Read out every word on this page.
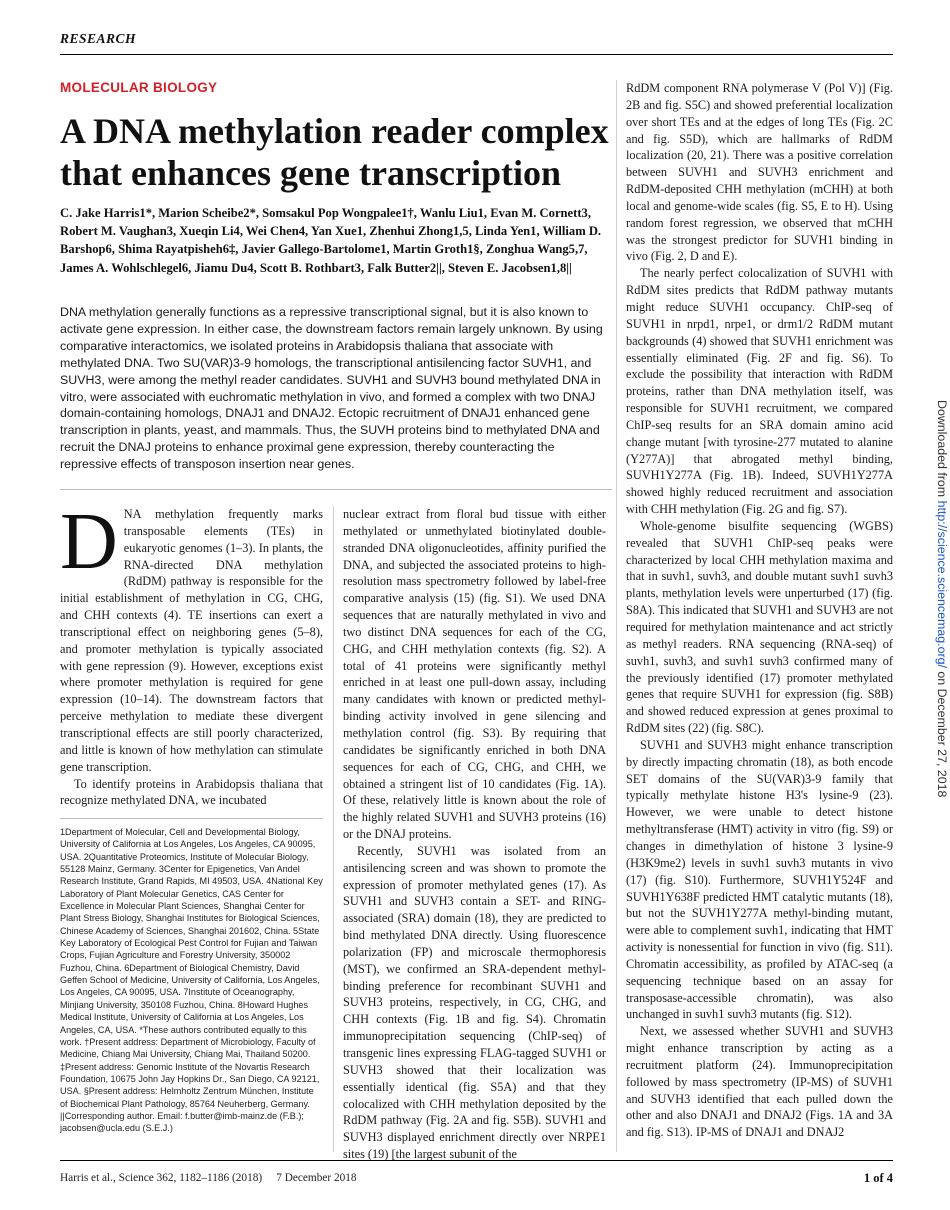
RESEARCH
MOLECULAR BIOLOGY
A DNA methylation reader complex that enhances gene transcription
C. Jake Harris1*, Marion Scheibe2*, Somsakul Pop Wongpalee1†, Wanlu Liu1, Evan M. Cornett3, Robert M. Vaughan3, Xueqin Li4, Wei Chen4, Yan Xue1, Zhenhui Zhong1,5, Linda Yen1, William D. Barshop6, Shima Rayatpisheh6‡, Javier Gallego-Bartolome1, Martin Groth1§, Zonghua Wang5,7, James A. Wohlschlegel6, Jiamu Du4, Scott B. Rothbart3, Falk Butter2||, Steven E. Jacobsen1,8||
DNA methylation generally functions as a repressive transcriptional signal, but it is also known to activate gene expression. In either case, the downstream factors remain largely unknown. By using comparative interactomics, we isolated proteins in Arabidopsis thaliana that associate with methylated DNA. Two SU(VAR)3-9 homologs, the transcriptional antisilencing factor SUVH1, and SUVH3, were among the methyl reader candidates. SUVH1 and SUVH3 bound methylated DNA in vitro, were associated with euchromatic methylation in vivo, and formed a complex with two DNAJ domain-containing homologs, DNAJ1 and DNAJ2. Ectopic recruitment of DNAJ1 enhanced gene transcription in plants, yeast, and mammals. Thus, the SUVH proteins bind to methylated DNA and recruit the DNAJ proteins to enhance proximal gene expression, thereby counteracting the repressive effects of transposon insertion near genes.
D NA methylation frequently marks transposable elements (TEs) in eukaryotic genomes (1–3). In plants, the RNA-directed DNA methylation (RdDM) pathway is responsible for the initial establishment of methylation in CG, CHG, and CHH contexts (4). TE insertions can exert a transcriptional effect on neighboring genes (5–8), and promoter methylation is typically associated with gene repression (9). However, exceptions exist where promoter methylation is required for gene expression (10–14). The downstream factors that perceive methylation to mediate these divergent transcriptional effects are still poorly characterized, and little is known of how methylation can stimulate gene transcription.

To identify proteins in Arabidopsis thaliana that recognize methylated DNA, we incubated

1Department of Molecular, Cell and Developmental Biology, University of California at Los Angeles, Los Angeles, CA 90095, USA. 2Quantitative Proteomics, Institute of Molecular Biology, 55128 Mainz, Germany. 3Center for Epigenetics, Van Andel Research Institute, Grand Rapids, MI 49503, USA. 4National Key Laboratory of Plant Molecular Genetics, CAS Center for Excellence in Molecular Plant Sciences, Shanghai Center for Plant Stress Biology, Shanghai Institutes for Biological Sciences, Chinese Academy of Sciences, Shanghai 201602, China. 5State Key Laboratory of Ecological Pest Control for Fujian and Taiwan Crops, Fujian Agriculture and Forestry University, 350002 Fuzhou, China. 6Department of Biological Chemistry, David Geffen School of Medicine, University of California, Los Angeles, Los Angeles, CA 90095, USA. 7Institute of Oceanography, Minjiang University, 350108 Fuzhou, China. 8Howard Hughes Medical Institute, University of California at Los Angeles, Los Angeles, CA, USA. *These authors contributed equally to this work. †Present address: Department of Microbiology, Faculty of Medicine, Chiang Mai University, Chiang Mai, Thailand 50200. ‡Present address: Genomic Institute of the Novartis Research Foundation, 10675 John Jay Hopkins Dr., San Diego, CA 92121, USA. §Present address: Helmholtz Zentrum München, Institute of Biochemical Plant Pathology, 85764 Neuherberg, Germany. ||Corresponding author. Email: f.butter@imb-mainz.de (F.B.); jacobsen@ucla.edu (S.E.J.)

nuclear extract from floral bud tissue with either methylated or unmethylated biotinylated double-stranded DNA oligonucleotides, affinity purified the DNA, and subjected the associated proteins to high-resolution mass spectrometry followed by label-free comparative analysis (15) (fig. S1). We used DNA sequences that are naturally methylated in vivo and two distinct DNA sequences for each of the CG, CHG, and CHH methylation contexts (fig. S2). A total of 41 proteins were significantly methyl enriched in at least one pull-down assay, including many candidates with known or predicted methyl-binding activity involved in gene silencing and methylation control (fig. S3). By requiring that candidates be significantly enriched in both DNA sequences for each of CG, CHG, and CHH, we obtained a stringent list of 10 candidates (Fig. 1A). Of these, relatively little is known about the role of the highly related SUVH1 and SUVH3 proteins (16) or the DNAJ proteins.

Recently, SUVH1 was isolated from an antisilencing screen and was shown to promote the expression of promoter methylated genes (17). As SUVH1 and SUVH3 contain a SET- and RING-associated (SRA) domain (18), they are predicted to bind methylated DNA directly. Using fluorescence polarization (FP) and microscale thermophoresis (MST), we confirmed an SRA-dependent methyl-binding preference for recombinant SUVH1 and SUVH3 proteins, respectively, in CG, CHG, and CHH contexts (Fig. 1B and fig. S4). Chromatin immunoprecipitation sequencing (ChIP-seq) of transgenic lines expressing FLAG-tagged SUVH1 or SUVH3 showed that their localization was essentially identical (fig. S5A) and that they colocalized with CHH methylation deposited by the RdDM pathway (Fig. 2A and fig. S5B). SUVH1 and SUVH3 displayed enrichment directly over NRPE1 sites (19) [the largest subunit of the

RdDM component RNA polymerase V (Pol V)] (Fig. 2B and fig. S5C) and showed preferential localization over short TEs and at the edges of long TEs (Fig. 2C and fig. S5D), which are hallmarks of RdDM localization (20, 21). There was a positive correlation between SUVH1 and SUVH3 enrichment and RdDM-deposited CHH methylation (mCHH) at both local and genome-wide scales (fig. S5, E to H). Using random forest regression, we observed that mCHH was the strongest predictor for SUVH1 binding in vivo (Fig. 2, D and E).

The nearly perfect colocalization of SUVH1 with RdDM sites predicts that RdDM pathway mutants might reduce SUVH1 occupancy. ChIP-seq of SUVH1 in nrpd1, nrpe1, or drm1/2 RdDM mutant backgrounds (4) showed that SUVH1 enrichment was essentially eliminated (Fig. 2F and fig. S6). To exclude the possibility that interaction with RdDM proteins, rather than DNA methylation itself, was responsible for SUVH1 recruitment, we compared ChIP-seq results for an SRA domain amino acid change mutant [with tyrosine-277 mutated to alanine (Y277A)] that abrogated methyl binding, SUVH1Y277A (Fig. 1B). Indeed, SUVH1Y277A showed highly reduced recruitment and association with CHH methylation (Fig. 2G and fig. S7).

Whole-genome bisulfite sequencing (WGBS) revealed that SUVH1 ChIP-seq peaks were characterized by local CHH methylation maxima and that in suvh1, suvh3, and double mutant suvh1 suvh3 plants, methylation levels were unperturbed (17) (fig. S8A). This indicated that SUVH1 and SUVH3 are not required for methylation maintenance and act strictly as methyl readers. RNA sequencing (RNA-seq) of suvh1, suvh3, and suvh1 suvh3 confirmed many of the previously identified (17) promoter methylated genes that require SUVH1 for expression (fig. S8B) and showed reduced expression at genes proximal to RdDM sites (22) (fig. S8C).

SUVH1 and SUVH3 might enhance transcription by directly impacting chromatin (18), as both encode SET domains of the SU(VAR)3-9 family that typically methylate histone H3's lysine-9 (23). However, we were unable to detect histone methyltransferase (HMT) activity in vitro (fig. S9) or changes in dimethylation of histone 3 lysine-9 (H3K9me2) levels in suvh1 suvh3 mutants in vivo (17) (fig. S10). Furthermore, SUVH1Y524F and SUVH1Y638F predicted HMT catalytic mutants (18), but not the SUVH1Y277A methyl-binding mutant, were able to complement suvh1, indicating that HMT activity is nonessential for function in vivo (fig. S11). Chromatin accessibility, as profiled by ATAC-seq (a sequencing technique based on an assay for transposase-accessible chromatin), was also unchanged in suvh1 suvh3 mutants (fig. S12).

Next, we assessed whether SUVH1 and SUVH3 might enhance transcription by acting as a recruitment platform (24). Immunoprecipitation followed by mass spectrometry (IP-MS) of SUVH1 and SUVH3 identified that each pulled down the other and also DNAJ1 and DNAJ2 (Figs. 1A and 3A and fig. S13). IP-MS of DNAJ1 and DNAJ2

Harris et al., Science 362, 1182–1186 (2018)     7 December 2018	1 of 4
Downloaded from http://science.sciencemag.org/ on December 27, 2018
